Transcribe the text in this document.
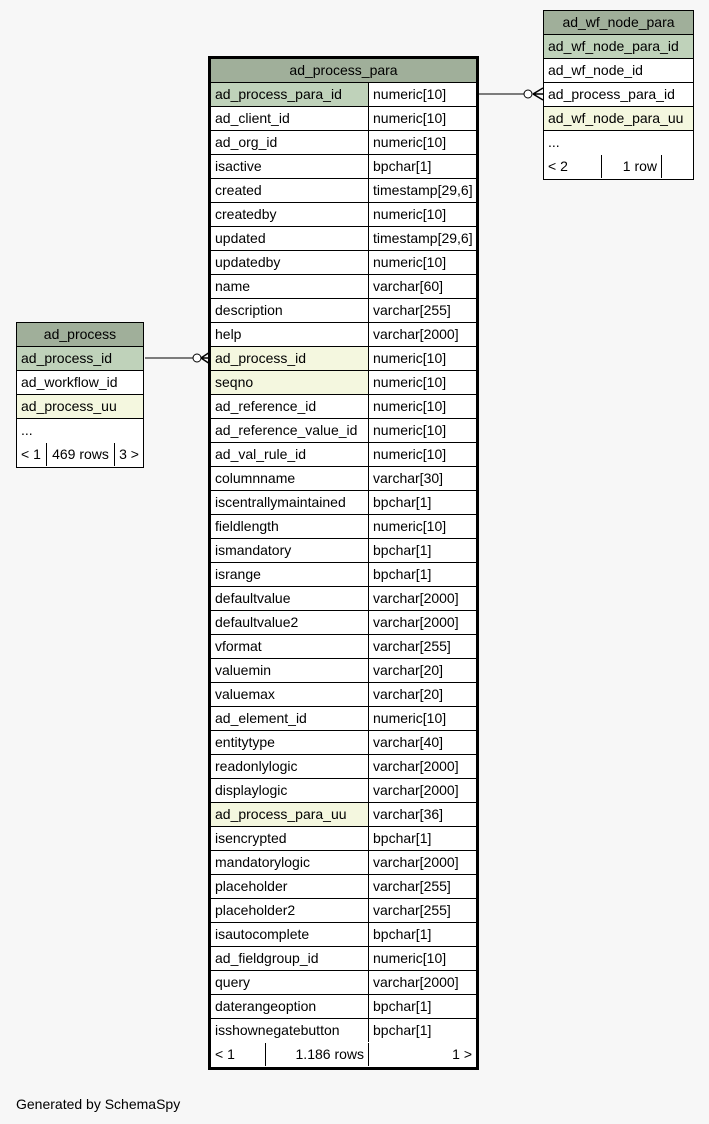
ad_process_para
ad_process_para_id	numeric[10]
ad_client_id	numeric[10]
ad_org_id	numeric[10]
isactive	bpchar[1]
created	timestamp[29,6]
createdby	numeric[10]
updated	timestamp[29,6]
updatedby	numeric[10]
name	varchar[60]
description	varchar[255]
help	varchar[2000]
ad_process_id	numeric[10]
seqno	numeric[10]
ad_reference_id	numeric[10]
ad_reference_value_id	numeric[10]
ad_val_rule_id	numeric[10]
columnname	varchar[30]
iscentrallymaintained	bpchar[1]
fieldlength	numeric[10]
ismandatory	bpchar[1]
isrange	bpchar[1]
defaultvalue	varchar[2000]
defaultvalue2	varchar[2000]
vformat	varchar[255]
valuemin	varchar[20]
valuemax	varchar[20]
ad_element_id	numeric[10]
entitytype	varchar[40]
readonlylogic	varchar[2000]
displaylogic	varchar[2000]
ad_process_para_uu	varchar[36]
isencrypted	bpchar[1]
mandatorylogic	varchar[2000]
placeholder	varchar[255]
placeholder2	varchar[255]
isautocomplete	bpchar[1]
ad_fieldgroup_id	numeric[10]
query	varchar[2000]
daterangeoption	bpchar[1]
isshownegatebutton	bpchar[1]
< 1	1.186 rows	1 >
ad_process
ad_process_id
ad_workflow_id
ad_process_uu
...
< 1 469 rows 3 >
ad_wf_node_para
ad_wf_node_para_id
ad_wf_node_id
ad_process_para_id
ad_wf_node_para_uu
...
< 2	1 row
Generated by SchemaSpy
